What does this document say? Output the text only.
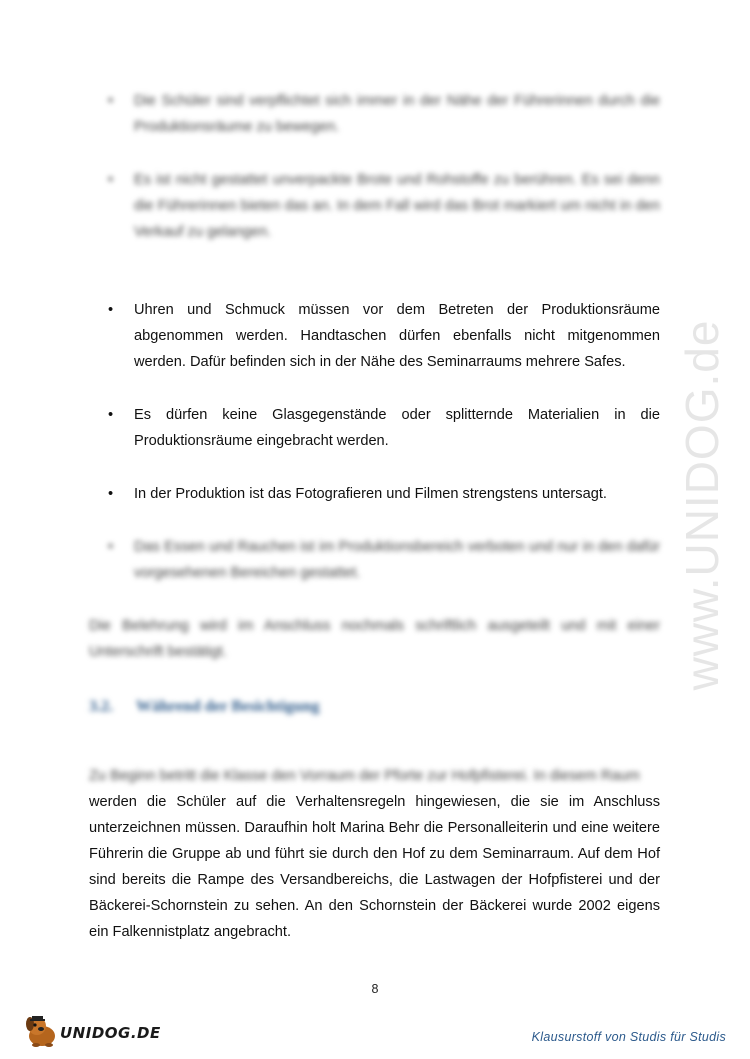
•	Die Schüler sind verpflichtet sich immer in der Nähe der Führerinnen durch die Produktionsräume zu bewegen.
•	Es ist nicht gestattet unverpackte Brote und Rohstoffe zu berühren. Es sei denn die Führerinnen bieten das an. In dem Fall wird das Brot markiert um nicht in den Verkauf zu gelangen.
•	Uhren und Schmuck müssen vor dem Betreten der Produktionsräume abgenommen werden. Handtaschen dürfen ebenfalls nicht mitgenommen werden. Dafür befinden sich in der Nähe des Seminarraums mehrere Safes.
•	Es dürfen keine Glasgegenstände oder splitternde Materialien in die Produktionsräume eingebracht werden.
•	In der Produktion ist das Fotografieren und Filmen strengstens untersagt.
•	Das Essen und Rauchen ist im Produktionsbereich verboten und nur in den dafür vorgesehenen Bereichen gestattet.
Die Belehrung wird im Anschluss nochmals schriftlich ausgeteilt und mit einer Unterschrift bestätigt.
3.2. Während der Besichtigung
Zu Beginn betritt die Klasse den Vorraum der Pforte zur Hofpfisterei. In diesem Raum
werden die Schüler auf die Verhaltensregeln hingewiesen, die sie im Anschluss unterzeichnen müssen. Daraufhin holt Marina Behr die Personalleiterin und eine weitere Führerin die Gruppe ab und führt sie durch den Hof zu dem Seminarraum. Auf dem Hof sind bereits die Rampe des Versandbereichs, die Lastwagen der Hofpfisterei und der Bäckerei-Schornstein zu sehen. An den Schornstein der Bäckerei wurde 2002 eigens ein Falkennistplatz angebracht.
www.UNIDOG.de
8
UNIDOG.DE	Klausurstoff von Studis für Studis
